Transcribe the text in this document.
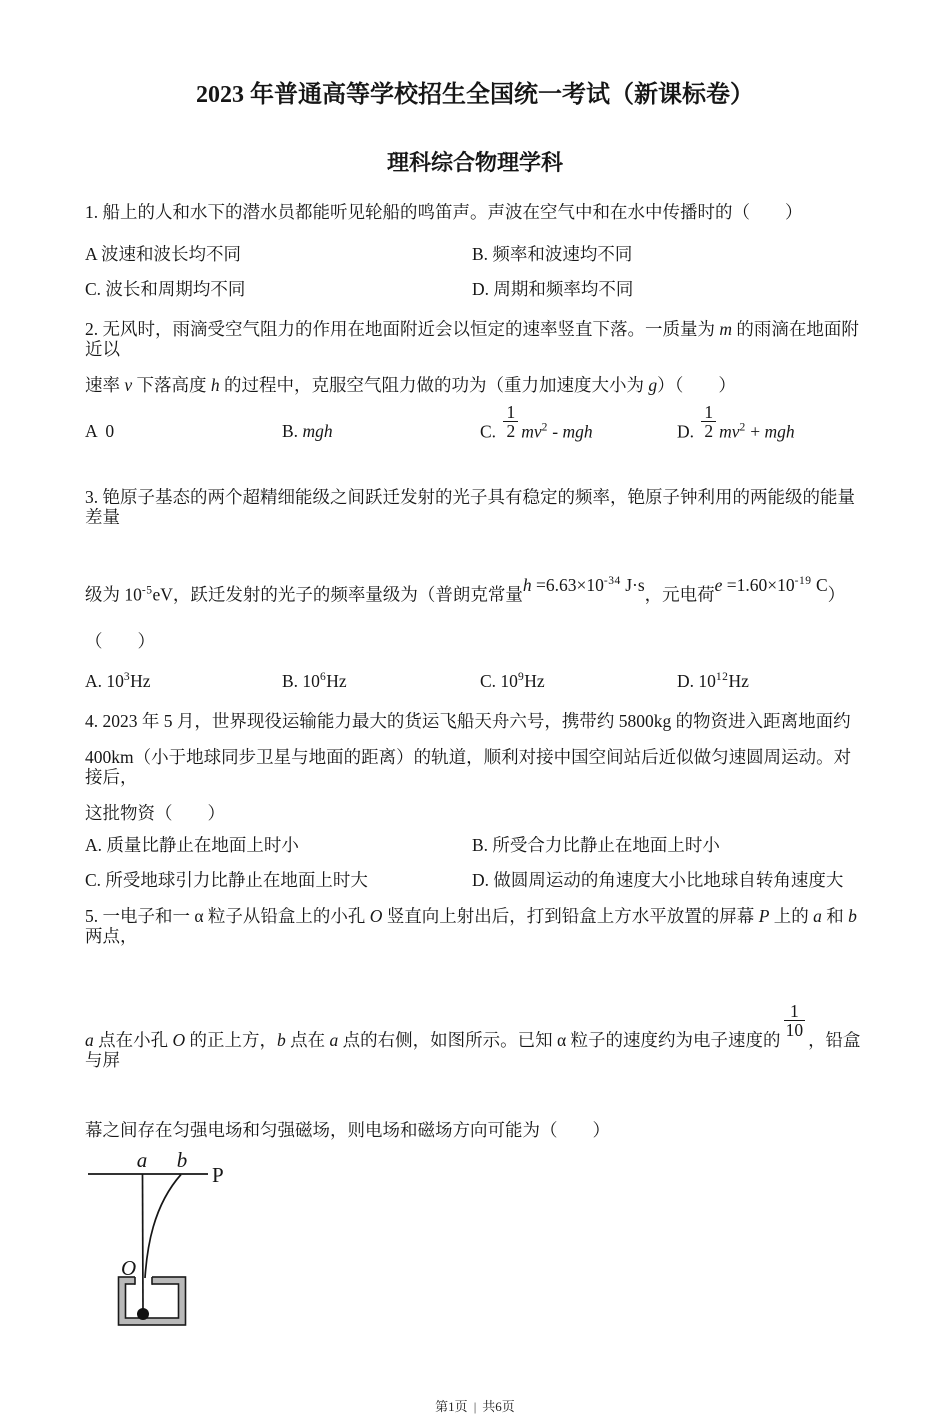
2023 年普通高等学校招生全国统一考试（新课标卷）
理科综合物理学科

1. 船上的人和水下的潜水员都能听见轮船的鸣笛声。声波在空气中和在水中传播时的（　　）

A 波速和波长均不同	B. 频率和波速均不同
C. 波长和周期均不同	D. 周期和频率均不同

2. 无风时，雨滴受空气阻力的作用在地面附近会以恒定的速率竖直下落。一质量为 m 的雨滴在地面附近以

速率 v 下落高度 h 的过程中，克服空气阻力做的功为（重力加速度大小为 g）（　　）

A  0	B. mgh	C. $\frac{1}{2} mv^2$ - mgh	D. $\frac{1}{2} mv^2$ + mgh

3. 铯原子基态的两个超精细能级之间跃迁发射的光子具有稳定的频率，铯原子钟利用的两能级的能量差量

级为 $10^{-5}eV$，跃迁发射的光子的频率量级为（普朗克常量$h =6.63\times 10^{-34}$ J·s，元电荷$e =1.60\times 10^{-19}$ C）

（　　）

A. $10^3Hz$	B. $10^6Hz$	C. $10^9Hz$	D. $10^{12}Hz$

4. 2023 年 5 月，世界现役运输能力最大的货运飞船天舟六号，携带约 5800kg 的物资进入距离地面约

400km（小于地球同步卫星与地面的距离）的轨道，顺利对接中国空间站后近似做匀速圆周运动。对接后，

这批物资（　　）

A. 质量比静止在地面上时小	B. 所受合力比静止在地面上时小
C. 所受地球引力比静止在地面上时大	D. 做圆周运动的角速度大小比地球自转角速度大

5. 一电子和一 α 粒子从铅盒上的小孔 O 竖直向上射出后，打到铅盒上方水平放置的屏幕 P 上的 a 和 b 两点，

a 点在小孔 O 的正上方，b 点在 a 点的右侧，如图所示。已知 α 粒子的速度约为电子速度的
$\frac{1}{10}$
，铅盒与屏

幕之间存在匀强电场和匀强磁场，则电场和磁场方向可能为（　　）

a b
P
O
第1页 | 共6页
